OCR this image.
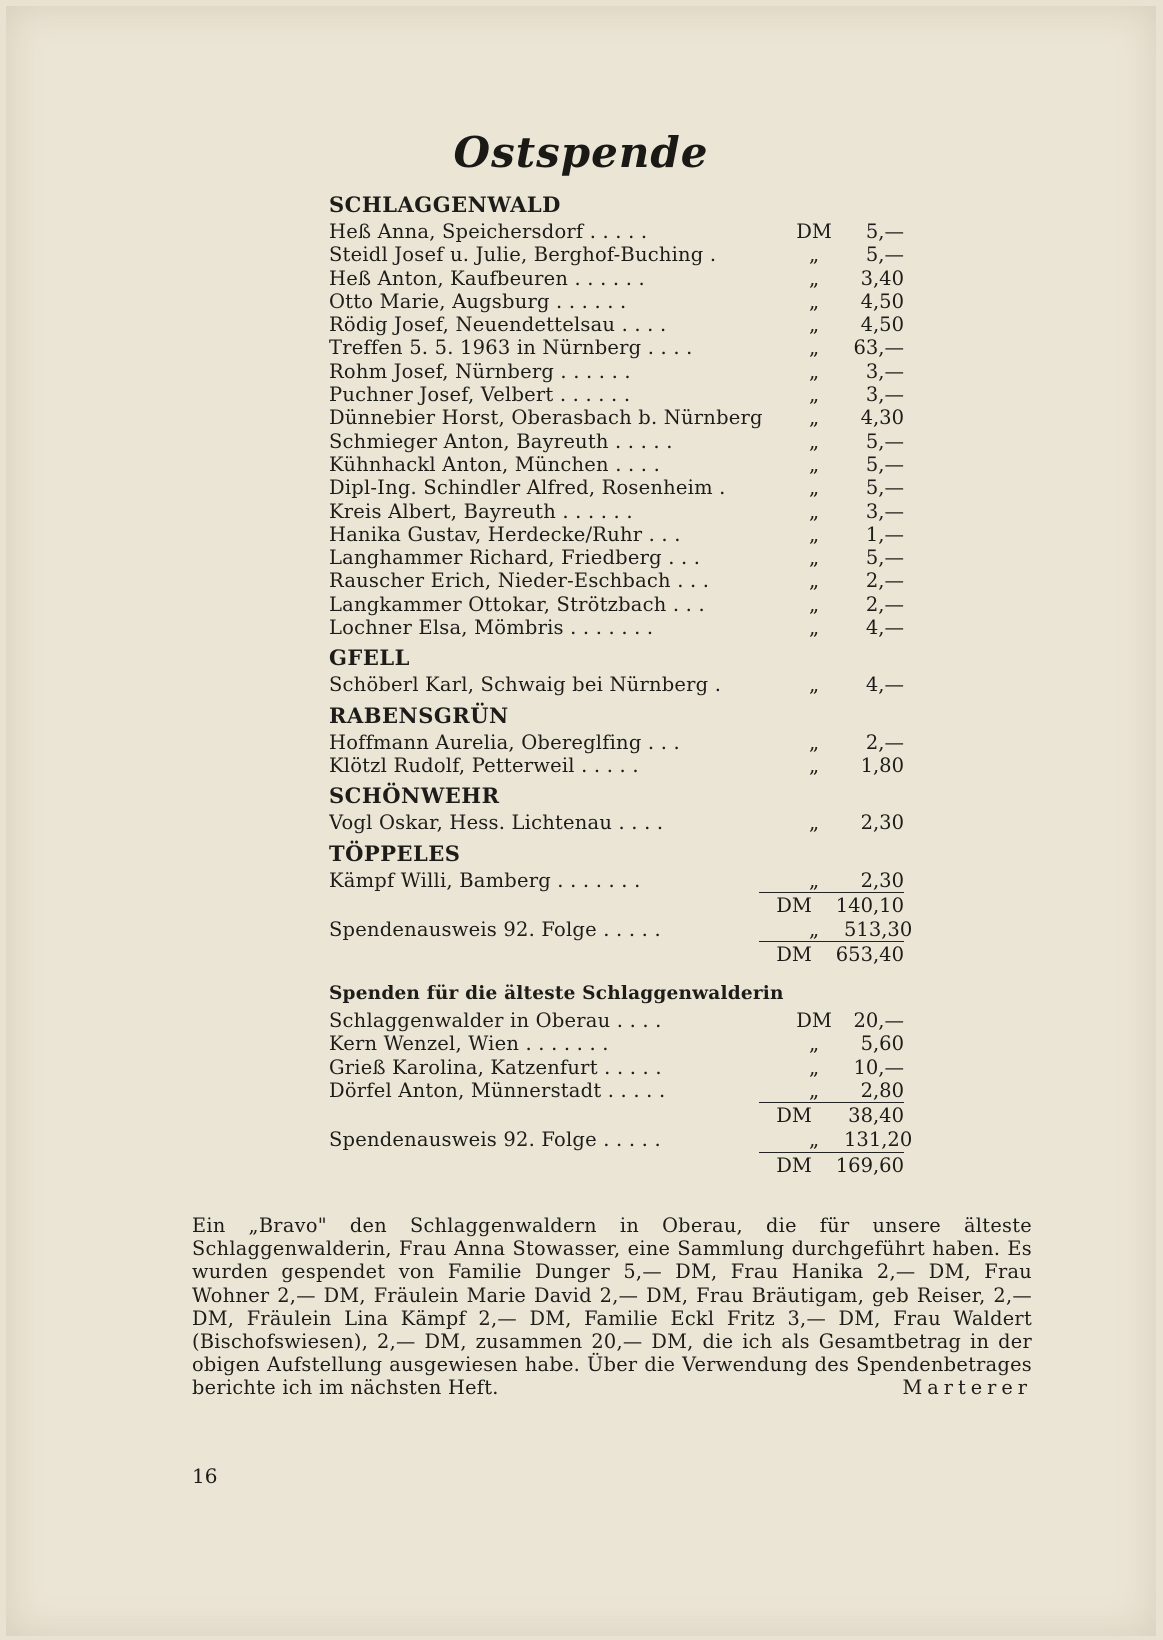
Ostspende
SCHLAGGENWALD
Heß Anna, Speichersdorf . . . . .	DM	5,—
Steidl Josef u. Julie, Berghof-Buching .	„	5,—
Heß Anton, Kaufbeuren . . . . . .	„	3,40
Otto Marie, Augsburg . . . . . .	„	4,50
Rödig Josef, Neuendettelsau . . . .	„	4,50
Treffen 5. 5. 1963 in Nürnberg . . . .	„	63,—
Rohm Josef, Nürnberg . . . . . .	„	3,—
Puchner Josef, Velbert . . . . . .	„	3,—
Dünnebier Horst, Oberasbach b. Nürnberg	„	4,30
Schmieger Anton, Bayreuth . . . . .	„	5,—
Kühnhackl Anton, München . . . .	„	5,—
Dipl-Ing. Schindler Alfred, Rosenheim .	„	5,—
Kreis Albert, Bayreuth . . . . . .	„	3,—
Hanika Gustav, Herdecke/Ruhr . . .	„	1,—
Langhammer Richard, Friedberg . . .	„	5,—
Rauscher Erich, Nieder-Eschbach . . .	„	2,—
Langkammer Ottokar, Strötzbach . . .	„	2,—
Lochner Elsa, Mömbris . . . . . . .	„	4,—
GFELL
Schöberl Karl, Schwaig bei Nürnberg .	„	4,—
RABENSGRÜN
Hoffmann Aurelia, Obereglfing . . .	„	2,—
Klötzl Rudolf, Petterweil . . . . .	„	1,80
SCHÖNWEHR
Vogl Oskar, Hess. Lichtenau . . . .	„	2,30
TÖPPELES
Kämpf Willi, Bamberg . . . . . . .	„	2,30
DM	140,10
Spendenausweis 92. Folge . . . . .	„	513,30
DM	653,40
Spenden für die älteste Schlaggenwalderin
Schlaggenwalder in Oberau . . . .	DM	20,—
Kern Wenzel, Wien . . . . . . .	„	5,60
Grieß Karolina, Katzenfurt . . . . .	„	10,—
Dörfel Anton, Münnerstadt . . . . .	„	2,80
DM	38,40
Spendenausweis 92. Folge . . . . .	„	131,20
DM	169,60
Ein „Bravo" den Schlaggenwaldern in Oberau, die für unsere älteste Schlaggenwalderin, Frau Anna Stowasser, eine Sammlung durchgeführt haben. Es wurden gespendet von Familie Dunger 5,— DM, Frau Hanika 2,— DM, Frau Wohner 2,— DM, Fräulein Marie David 2,— DM, Frau Bräutigam, geb Reiser, 2,— DM, Fräulein Lina Kämpf 2,— DM, Familie Eckl Fritz 3,— DM, Frau Waldert (Bischofswiesen), 2,— DM, zusammen 20,— DM, die ich als Gesamtbetrag in der obigen Aufstellung ausgewiesen habe. Über die Verwendung des Spendenbetrages berichte ich im nächsten Heft.	Marterer
16
